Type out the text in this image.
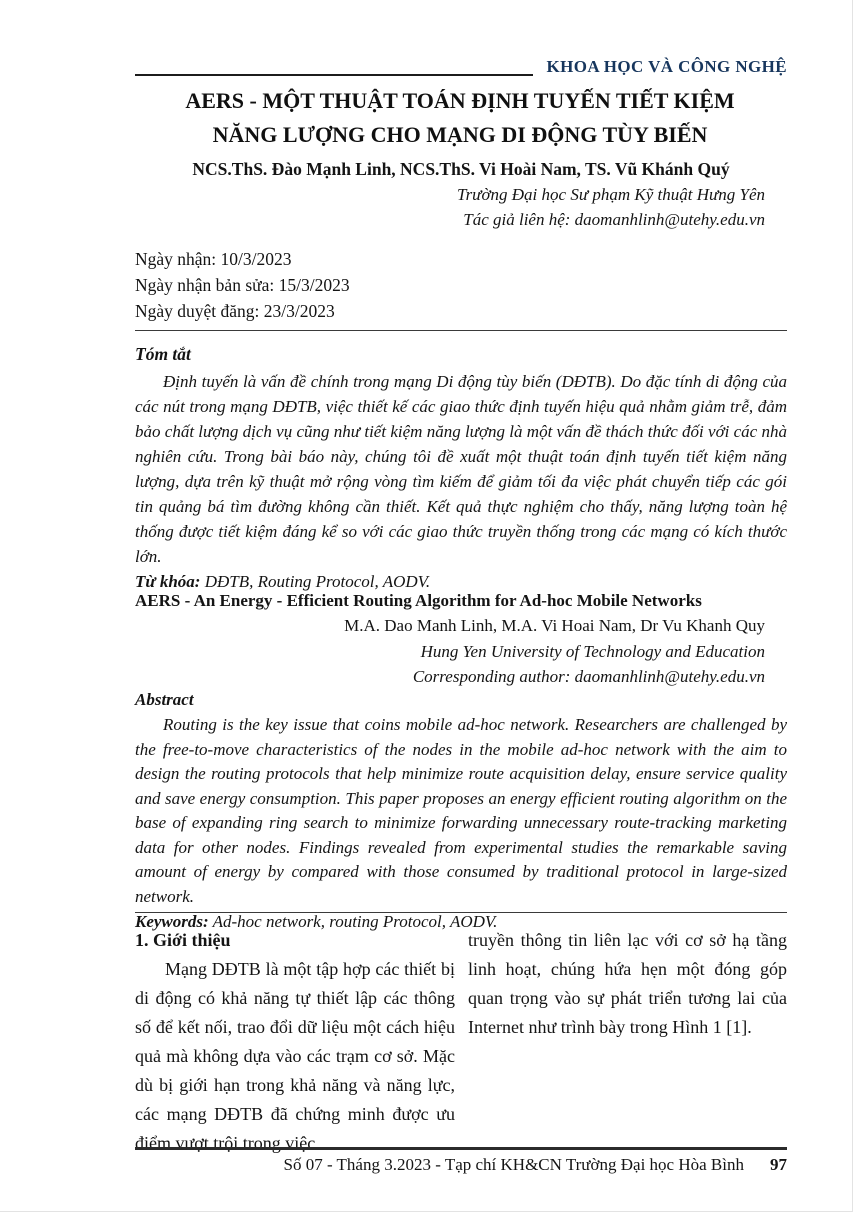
KHOA HỌC VÀ CÔNG NGHỆ
AERS - MỘT THUẬT TOÁN ĐỊNH TUYẾN TIẾT KIỆM
NĂNG LƯỢNG CHO MẠNG DI ĐỘNG TÙY BIẾN
NCS.ThS. Đào Mạnh Linh, NCS.ThS. Vi Hoài Nam, TS. Vũ Khánh Quý
Trường Đại học Sư phạm Kỹ thuật Hưng Yên
Tác giả liên hệ: daomanhlinh@utehy.edu.vn
Ngày nhận: 10/3/2023
Ngày nhận bản sửa: 15/3/2023
Ngày duyệt đăng: 23/3/2023
Tóm tắt
Định tuyến là vấn đề chính trong mạng Di động tùy biến (DĐTB). Do đặc tính di động của các nút trong mạng DĐTB, việc thiết kế các giao thức định tuyến hiệu quả nhằm giảm trễ, đảm bảo chất lượng dịch vụ cũng như tiết kiệm năng lượng là một vấn đề thách thức đối với các nhà nghiên cứu. Trong bài báo này, chúng tôi đề xuất một thuật toán định tuyến tiết kiệm năng lượng, dựa trên kỹ thuật mở rộng vòng tìm kiếm để giảm tối đa việc phát chuyển tiếp các gói tin quảng bá tìm đường không cần thiết. Kết quả thực nghiệm cho thấy, năng lượng toàn hệ thống được tiết kiệm đáng kể so với các giao thức truyền thống trong các mạng có kích thước lớn.
Từ khóa: DĐTB, Routing Protocol, AODV.
AERS - An Energy - Efficient Routing Algorithm for Ad-hoc Mobile Networks
M.A. Dao Manh Linh, M.A. Vi Hoai Nam, Dr Vu Khanh Quy
Hung Yen University of Technology and Education
Corresponding author: daomanhlinh@utehy.edu.vn
Abstract
Routing is the key issue that coins mobile ad-hoc network. Researchers are challenged by the free-to-move characteristics of the nodes in the mobile ad-hoc network with the aim to design the routing protocols that help minimize route acquisition delay, ensure service quality and save energy consumption. This paper proposes an energy efficient routing algorithm on the base of expanding ring search to minimize forwarding unnecessary route-tracking marketing data for other nodes. Findings revealed from experimental studies the remarkable saving amount of energy by compared with those consumed by traditional protocol in large-sized network.
Keywords: Ad-hoc network, routing Protocol, AODV.
1. Giới thiệu
Mạng DĐTB là một tập hợp các thiết bị di động có khả năng tự thiết lập các thông số để kết nối, trao đổi dữ liệu một cách hiệu quả mà không dựa vào các trạm cơ sở. Mặc dù bị giới hạn trong khả năng và năng lực, các mạng DĐTB đã chứng minh được ưu điểm vượt trội trong việc
truyền thông tin liên lạc với cơ sở hạ tầng linh hoạt, chúng hứa hẹn một đóng góp quan trọng vào sự phát triển tương lai của Internet như trình bày trong Hình 1 [1].
Số 07 - Tháng 3.2023 - Tạp chí KH&CN Trường Đại học Hòa Bình 97
